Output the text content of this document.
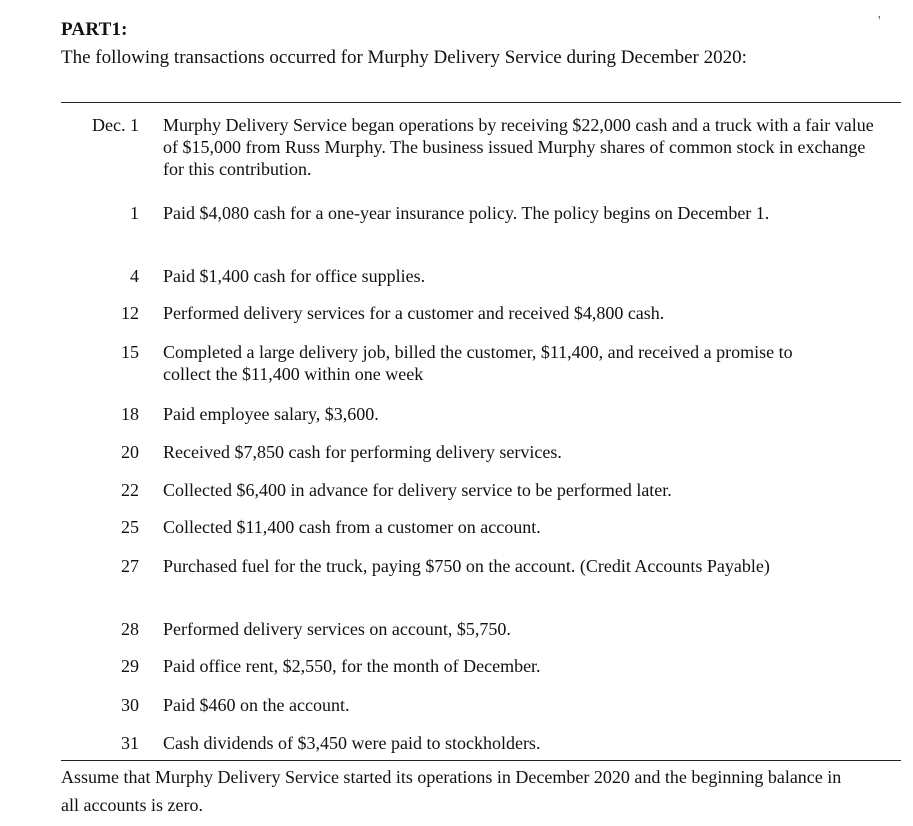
PART1:
The following transactions occurred for Murphy Delivery Service during December 2020:
'
Dec. 1 Murphy Delivery Service began operations by receiving $22,000 cash and a truck with a fair value of $15,000 from Russ Murphy. The business issued Murphy shares of common stock in exchange for this contribution.
1 Paid $4,080 cash for a one-year insurance policy. The policy begins on December 1.
4 Paid $1,400 cash for office supplies.
12 Performed delivery services for a customer and received $4,800 cash.
15 Completed a large delivery job, billed the customer, $11,400, and received a promise to collect the $11,400 within one week
18 Paid employee salary, $3,600.
20 Received $7,850 cash for performing delivery services.
22 Collected $6,400 in advance for delivery service to be performed later.
25 Collected $11,400 cash from a customer on account.
27 Purchased fuel for the truck, paying $750 on the account. (Credit Accounts Payable)
28 Performed delivery services on account, $5,750.
29 Paid office rent, $2,550, for the month of December.
30 Paid $460 on the account.
31 Cash dividends of $3,450 were paid to stockholders.
Assume that Murphy Delivery Service started its operations in December 2020 and the beginning balance in all accounts is zero.
